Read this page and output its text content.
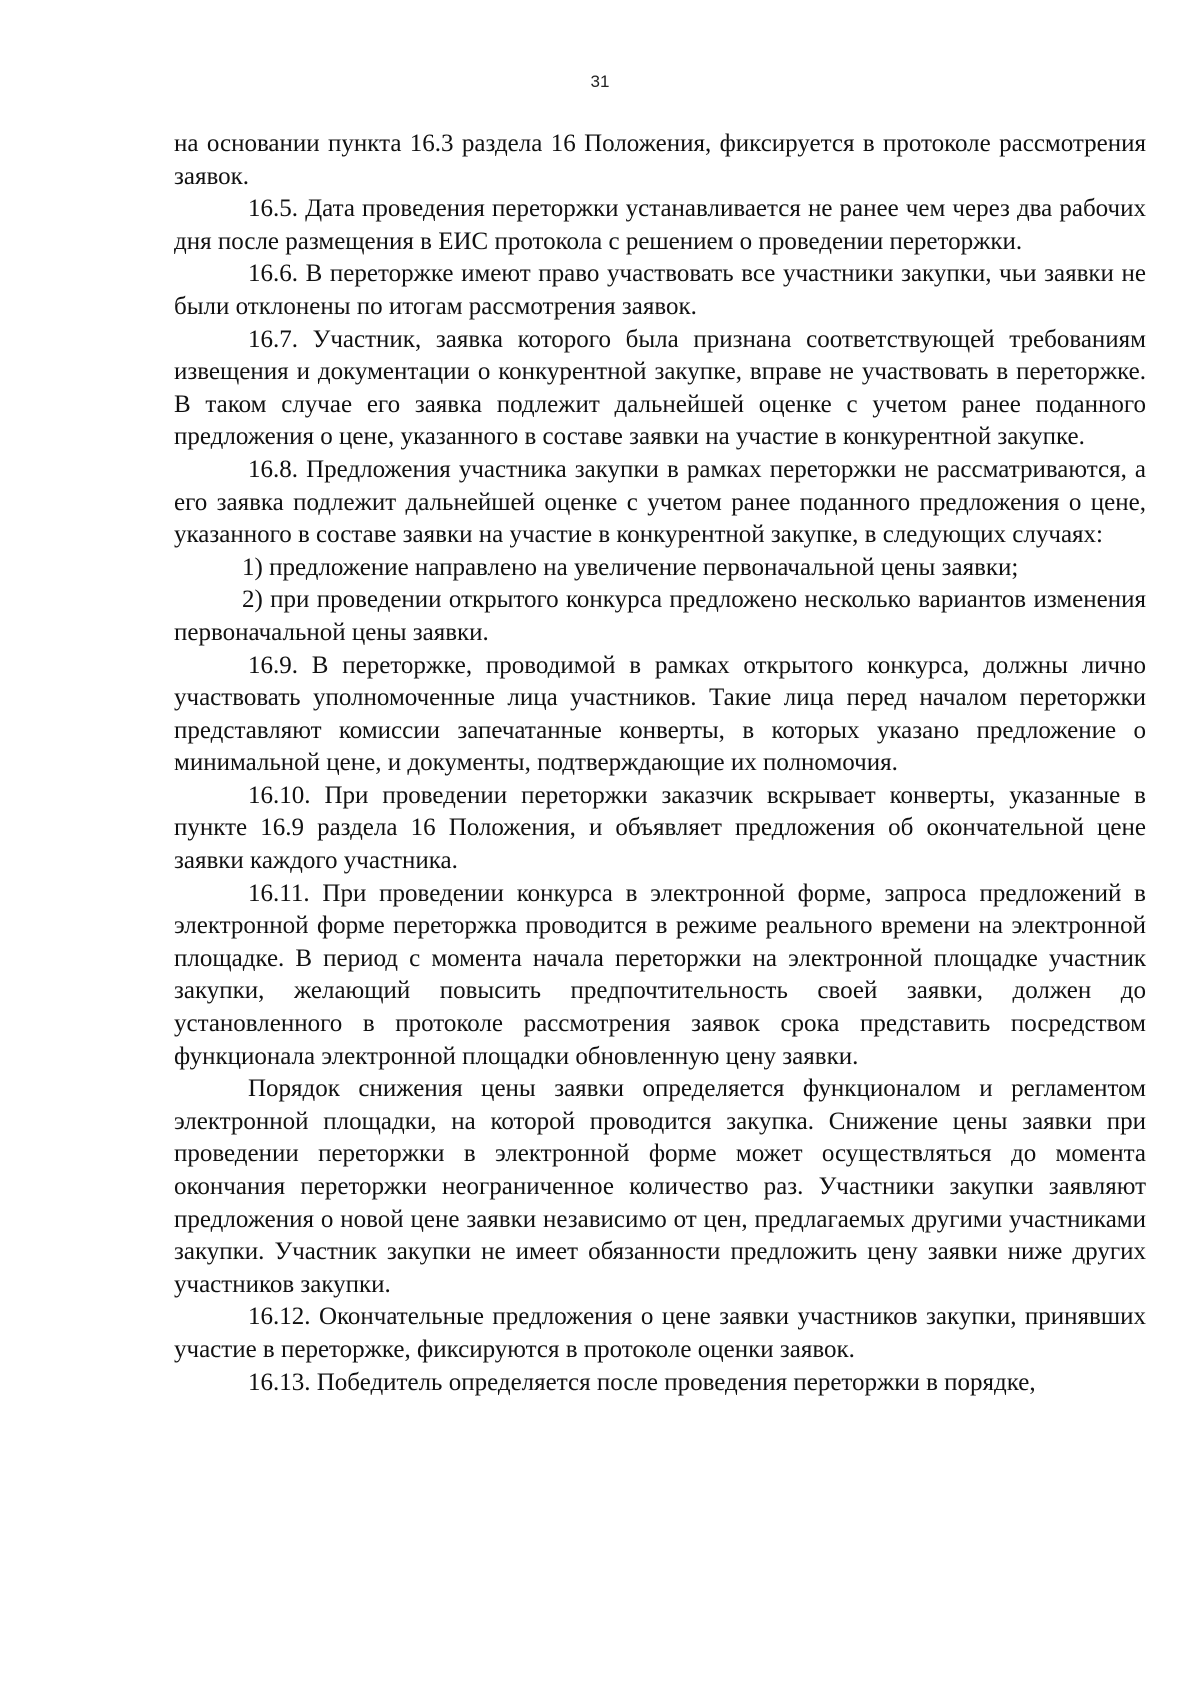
31

на основании пункта 16.3 раздела 16 Положения, фиксируется в протоколе рассмотрения заявок.

16.5. Дата проведения переторжки устанавливается не ранее чем через два рабочих дня после размещения в ЕИС протокола с решением о проведении переторжки.

16.6. В переторжке имеют право участвовать все участники закупки, чьи заявки не были отклонены по итогам рассмотрения заявок.

16.7. Участник, заявка которого была признана соответствующей требованиям извещения и документации о конкурентной закупке, вправе не участвовать в переторжке. В таком случае его заявка подлежит дальнейшей оценке с учетом ранее поданного предложения о цене, указанного в составе заявки на участие в конкурентной закупке.

16.8. Предложения участника закупки в рамках переторжки не рассматриваются, а его заявка подлежит дальнейшей оценке с учетом ранее поданного предложения о цене, указанного в составе заявки на участие в конкурентной закупке, в следующих случаях:

1) предложение направлено на увеличение первоначальной цены заявки;

2) при проведении открытого конкурса предложено несколько вариантов изменения первоначальной цены заявки.

16.9. В переторжке, проводимой в рамках открытого конкурса, должны лично участвовать уполномоченные лица участников. Такие лица перед началом переторжки представляют комиссии запечатанные конверты, в которых указано предложение о минимальной цене, и документы, подтверждающие их полномочия.

16.10. При проведении переторжки заказчик вскрывает конверты, указанные в пункте 16.9 раздела 16 Положения, и объявляет предложения об окончательной цене заявки каждого участника.

16.11. При проведении конкурса в электронной форме, запроса предложений в электронной форме переторжка проводится в режиме реального времени на электронной площадке. В период с момента начала переторжки на электронной площадке участник закупки, желающий повысить предпочтительность своей заявки, должен до установленного в протоколе рассмотрения заявок срока представить посредством функционала электронной площадки обновленную цену заявки.

Порядок снижения цены заявки определяется функционалом и регламентом электронной площадки, на которой проводится закупка. Снижение цены заявки при проведении переторжки в электронной форме может осуществляться до момента окончания переторжки неограниченное количество раз. Участники закупки заявляют предложения о новой цене заявки независимо от цен, предлагаемых другими участниками закупки. Участник закупки не имеет обязанности предложить цену заявки ниже других участников закупки.

16.12. Окончательные предложения о цене заявки участников закупки, принявших участие в переторжке, фиксируются в протоколе оценки заявок.

16.13. Победитель определяется после проведения переторжки в порядке,
